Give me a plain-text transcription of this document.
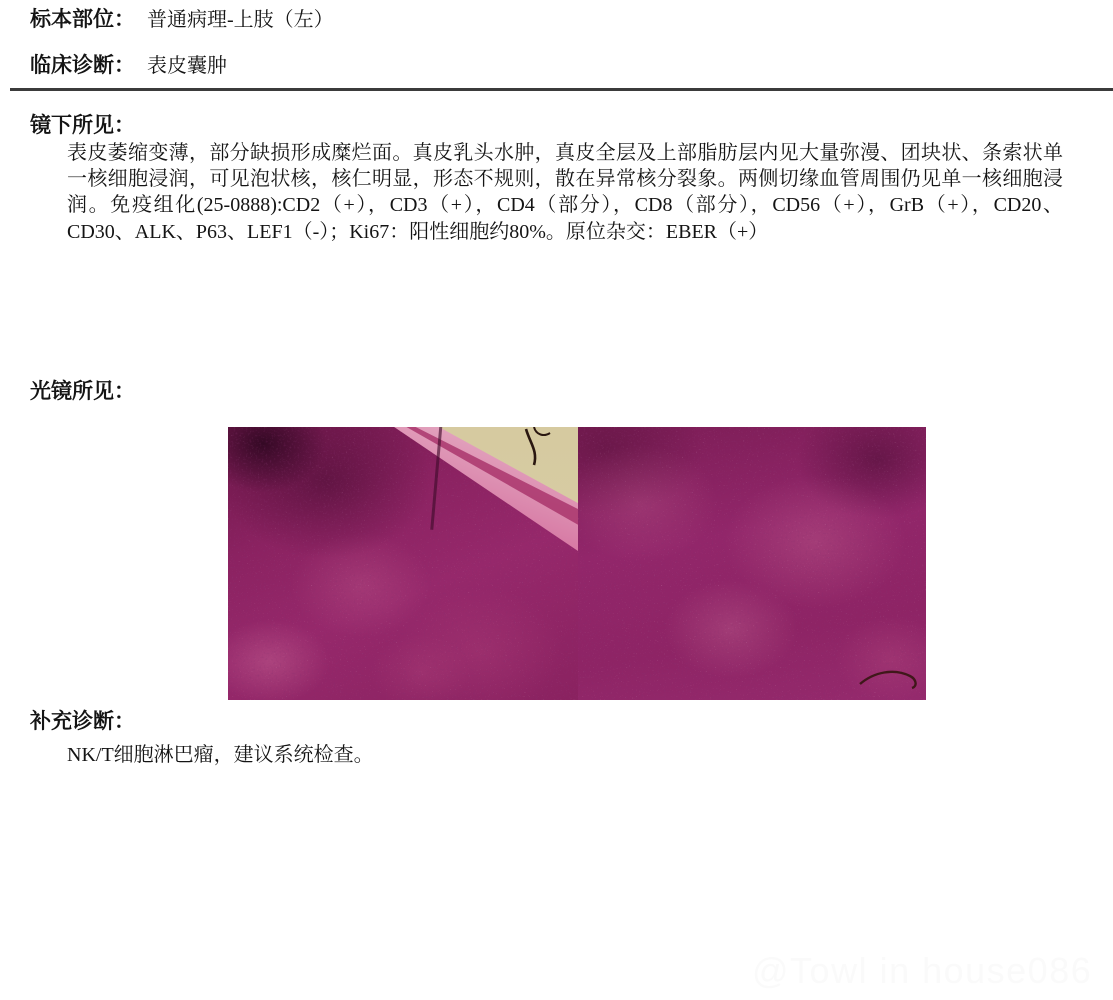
标本部位： 普通病理-上肢（左）
临床诊断： 表皮囊肿
镜下所见：

表皮萎缩变薄，部分缺损形成糜烂面。真皮乳头水肿，真皮全层及上部脂肪层内见大量弥漫、团块状、条索状单一核细胞浸润，可见泡状核，核仁明显，形态不规则，散在异常核分裂象。两侧切缘血管周围仍见单一核细胞浸润。免疫组化(25-0888):CD2（+），CD3（+），CD4（部分），CD8（部分），CD56（+），GrB（+），CD20、CD30、ALK、P63、LEF1（-）；Ki67：阳性细胞约80%。原位杂交：EBER（+）

光镜所见：
补充诊断：

NK/T细胞淋巴瘤，建议系统检查。

@Towl in house086
